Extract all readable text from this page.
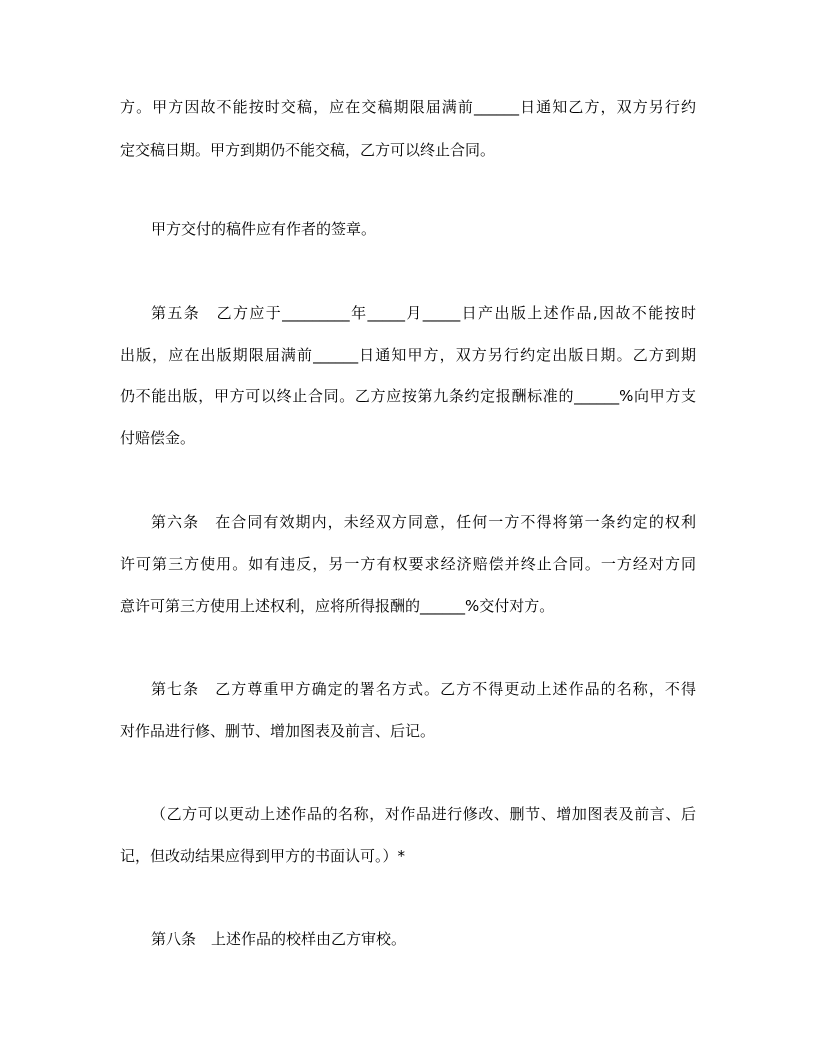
方。甲方因故不能按时交稿，应在交稿期限届满前______日通知乙方，双方另行约
定交稿日期。甲方到期仍不能交稿，乙方可以终止合同。
甲方交付的稿件应有作者的签章。
第五条　乙方应于_________年_____月_____日产出版上述作品,因故不能按时
出版，应在出版期限届满前______日通知甲方，双方另行约定出版日期。乙方到期
仍不能出版，甲方可以终止合同。乙方应按第九条约定报酬标准的______%向甲方支
付赔偿金。
第六条　在合同有效期内，未经双方同意，任何一方不得将第一条约定的权利
许可第三方使用。如有违反，另一方有权要求经济赔偿并终止合同。一方经对方同
意许可第三方使用上述权利，应将所得报酬的______%交付对方。
第七条　乙方尊重甲方确定的署名方式。乙方不得更动上述作品的名称，不得
对作品进行修、删节、增加图表及前言、后记。
（乙方可以更动上述作品的名称，对作品进行修改、删节、增加图表及前言、后
记，但改动结果应得到甲方的书面认可。）*
第八条　上述作品的校样由乙方审校。
